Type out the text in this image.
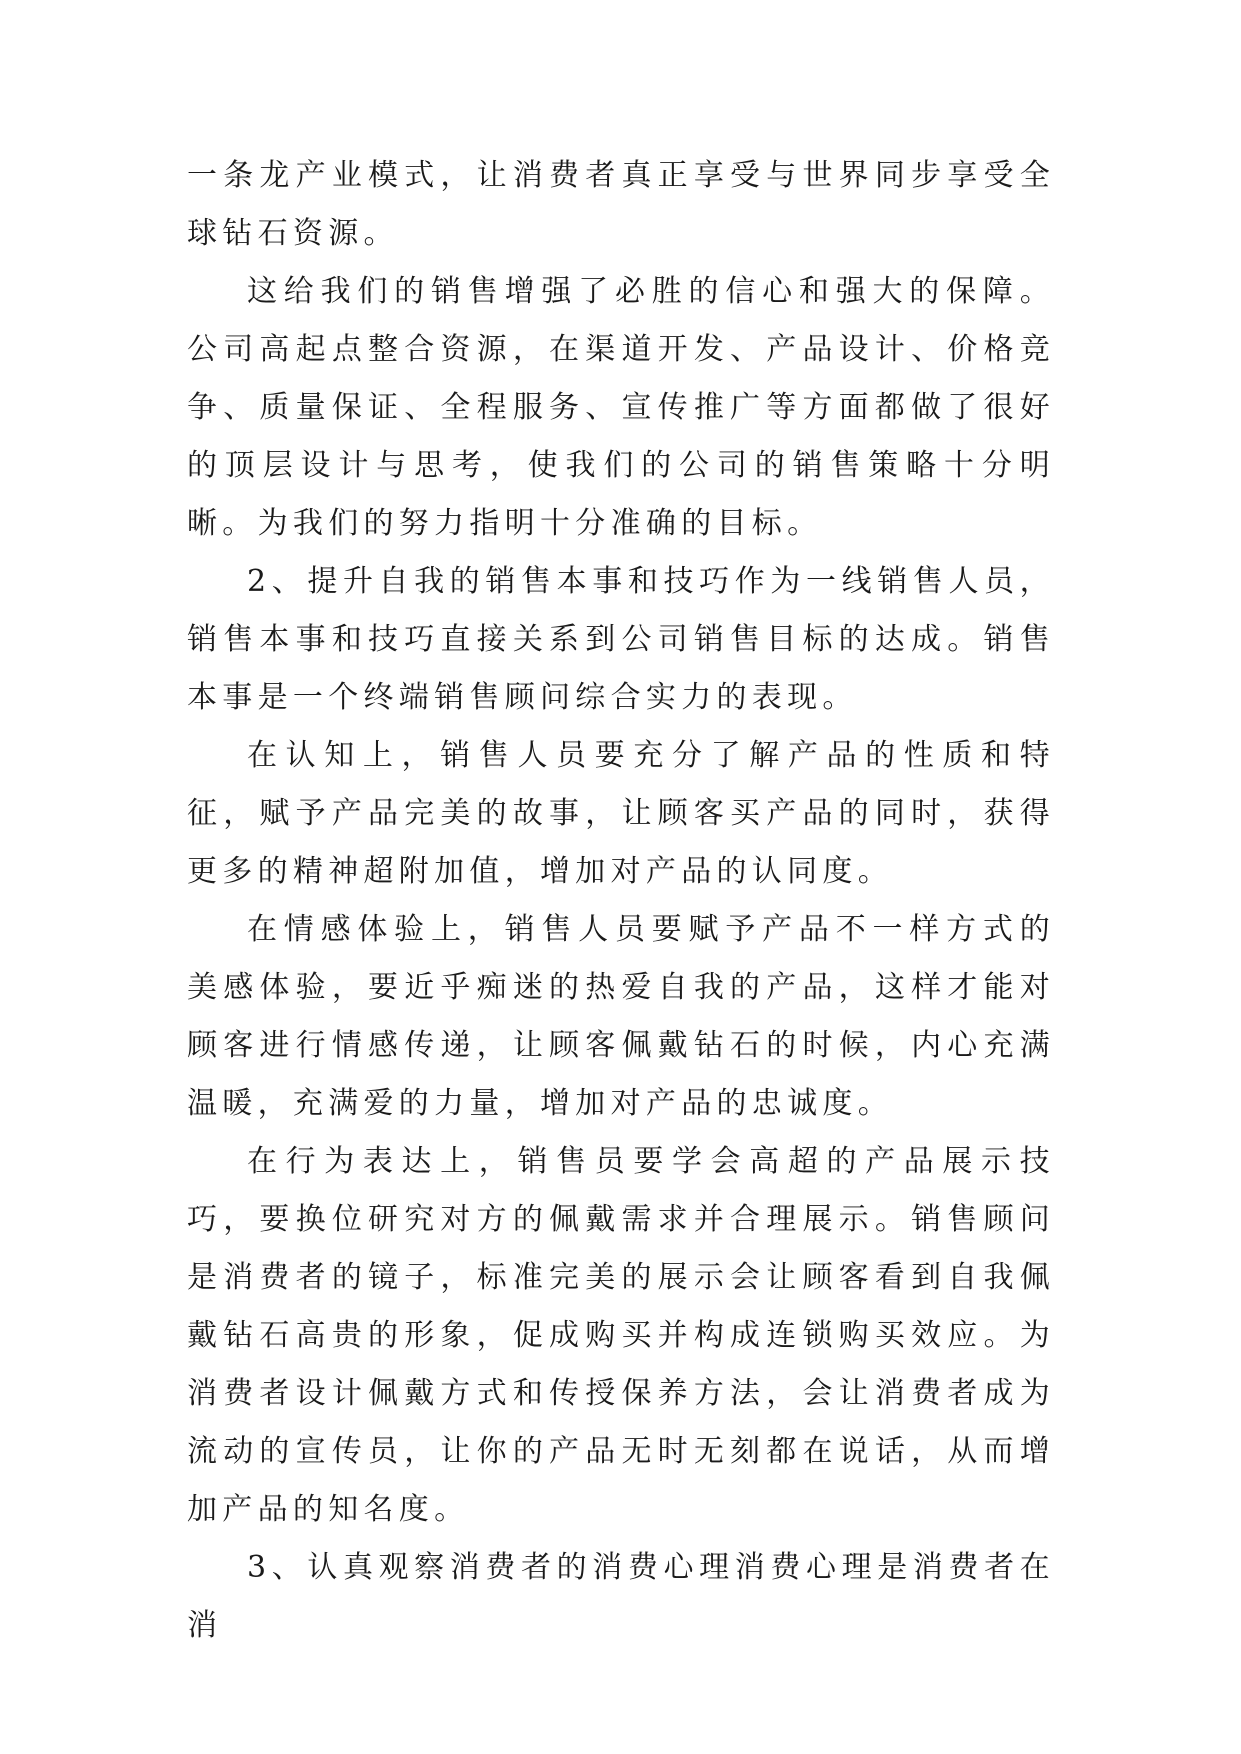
一条龙产业模式，让消费者真正享受与世界同步享受全球钻石资源。

这给我们的销售增强了必胜的信心和强大的保障。公司高起点整合资源，在渠道开发、产品设计、价格竞争、质量保证、全程服务、宣传推广等方面都做了很好的顶层设计与思考，使我们的公司的销售策略十分明晰。为我们的努力指明十分准确的目标。

2、提升自我的销售本事和技巧作为一线销售人员，销售本事和技巧直接关系到公司销售目标的达成。销售本事是一个终端销售顾问综合实力的表现。

在认知上，销售人员要充分了解产品的性质和特征，赋予产品完美的故事，让顾客买产品的同时，获得更多的精神超附加值，增加对产品的认同度。

在情感体验上，销售人员要赋予产品不一样方式的美感体验，要近乎痴迷的热爱自我的产品，这样才能对顾客进行情感传递，让顾客佩戴钻石的时候，内心充满温暖，充满爱的力量，增加对产品的忠诚度。

在行为表达上，销售员要学会高超的产品展示技巧，要换位研究对方的佩戴需求并合理展示。销售顾问是消费者的镜子，标准完美的展示会让顾客看到自我佩戴钻石高贵的形象，促成购买并构成连锁购买效应。为消费者设计佩戴方式和传授保养方法，会让消费者成为流动的宣传员，让你的产品无时无刻都在说话，从而增加产品的知名度。

3、认真观察消费者的消费心理消费心理是消费者在消
